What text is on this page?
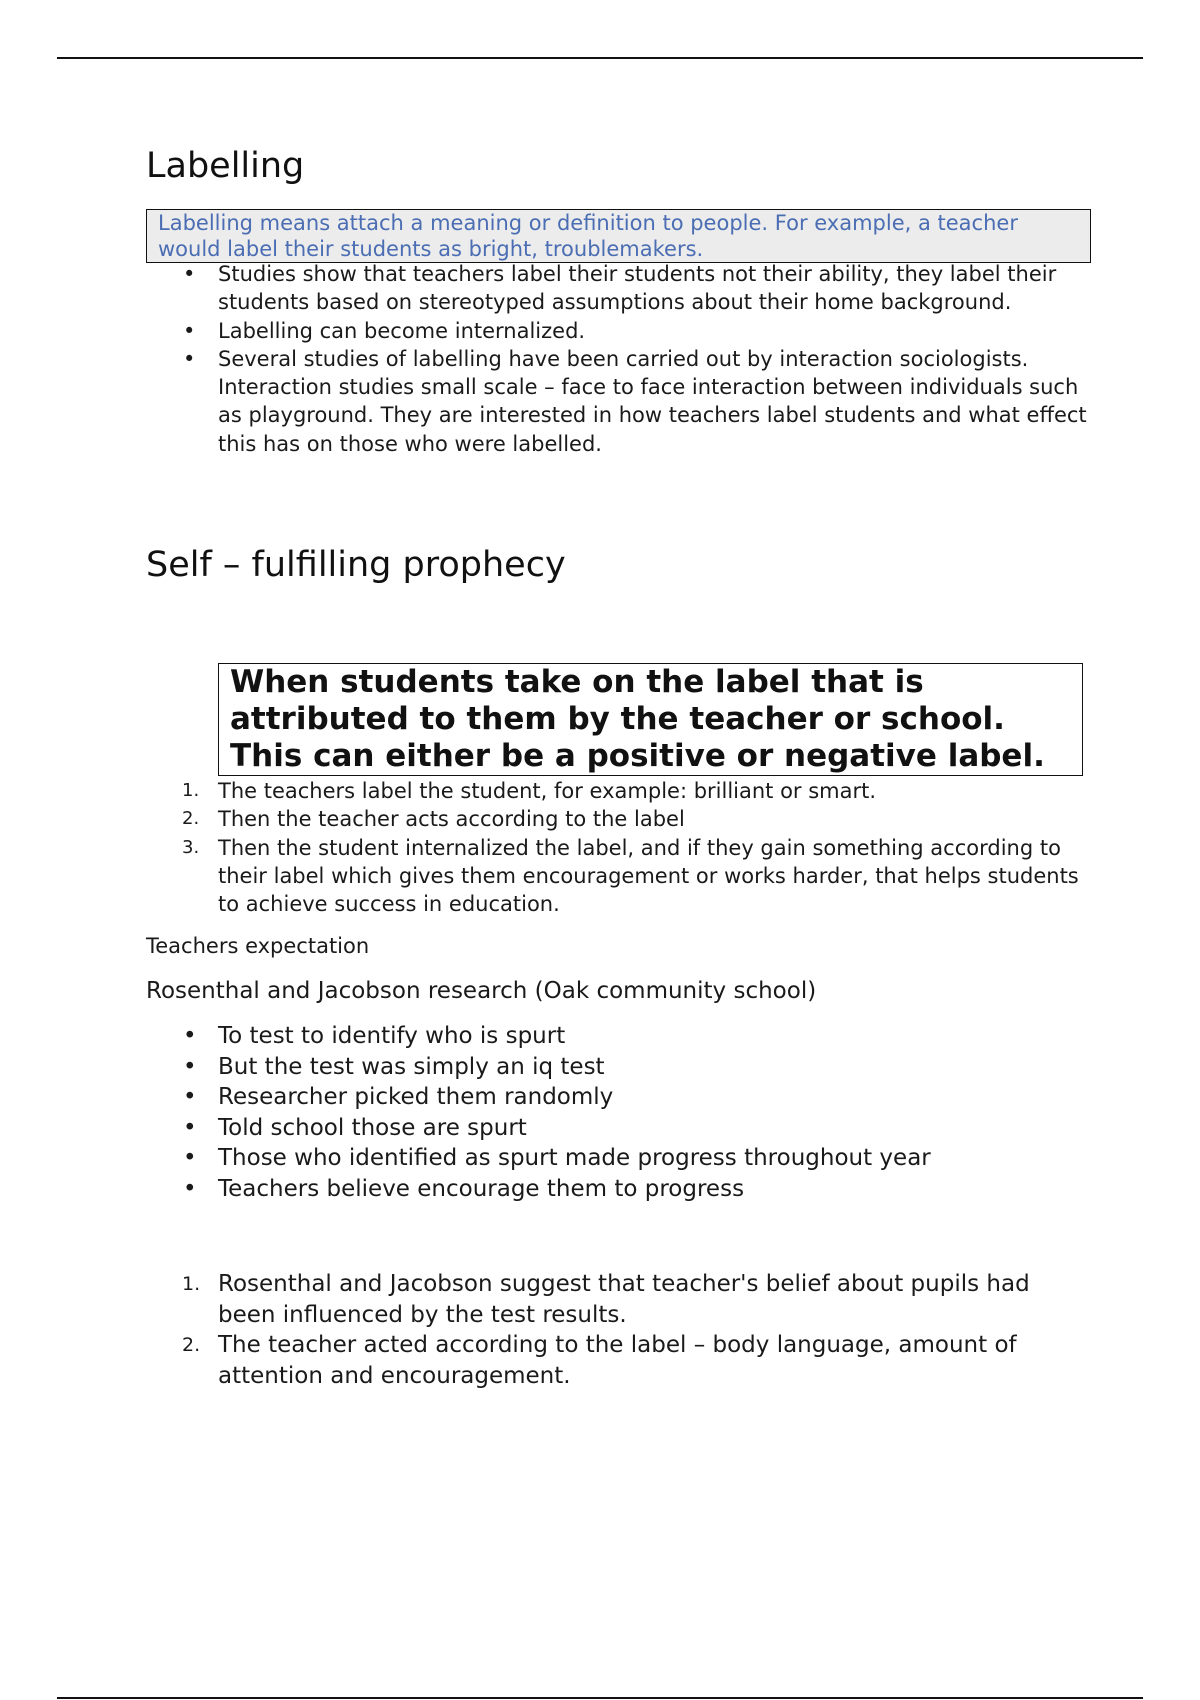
Labelling
Labelling means attach a meaning or definition to people. For example, a teacher would label their students as bright, troublemakers.
• Studies show that teachers label their students not their ability, they label their students based on stereotyped assumptions about their home background.
• Labelling can become internalized.
• Several studies of labelling have been carried out by interaction sociologists. Interaction studies small scale – face to face interaction between individuals such as playground. They are interested in how teachers label students and what effect this has on those who were labelled.
Self – fulfilling prophecy
When students take on the label that is attributed to them by the teacher or school. This can either be a positive or negative label.
1. The teachers label the student, for example: brilliant or smart.
2. Then the teacher acts according to the label
3. Then the student internalized the label, and if they gain something according to their label which gives them encouragement or works harder, that helps students to achieve success in education.

Teachers expectation

Rosenthal and Jacobson research (Oak community school)

• To test to identify who is spurt
• But the test was simply an iq test
• Researcher picked them randomly
• Told school those are spurt
• Those who identified as spurt made progress throughout year
• Teachers believe encourage them to progress
1. Rosenthal and Jacobson suggest that teacher's belief about pupils had been influenced by the test results.
2. The teacher acted according to the label – body language, amount of attention and encouragement.
